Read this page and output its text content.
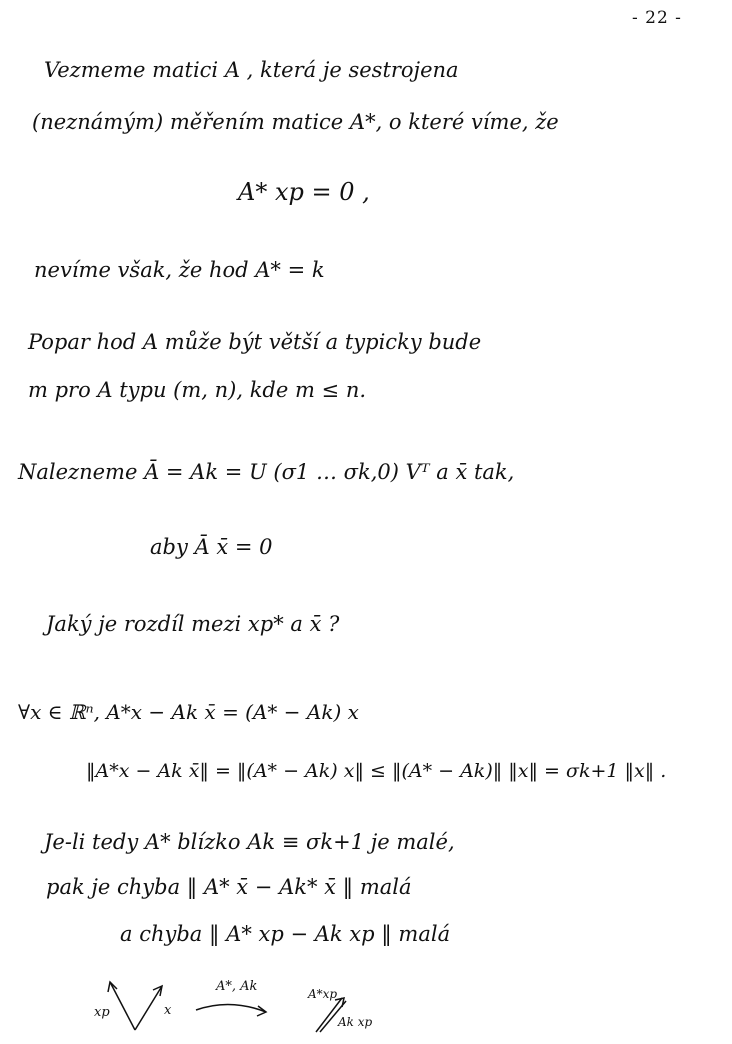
- 22 -
Vezmeme matici A , která je sestrojena
(neznámým) měřením matice A*, o které víme, že
A* xp = 0 ,
nevíme však, že hod A* = k
Popar hod A může být větší a typicky bude
m pro A typu (m, n), kde m ≤ n.
Nalezneme Ā = Ak = U (σ1 … σk,0) Vᵀ a x̄ tak,
aby Ā x̄ = 0
Jaký je rozdíl mezi xp* a x̄ ?
∀x ∈ ℝⁿ, A*x − Ak x̄ = (A* − Ak) x
‖A*x − Ak x̄‖ = ‖(A* − Ak) x‖ ≤ ‖(A* − Ak)‖ ‖x‖ = σk+1 ‖x‖ .
Je-li tedy A* blízko Ak ≡ σk+1 je malé,
pak je chyba ‖ A* x̄ − Ak* x̄ ‖ malá
a chyba ‖ A* xp − Ak xp ‖ malá
xp	x
A*, Ak	A*xp
Ak xp
